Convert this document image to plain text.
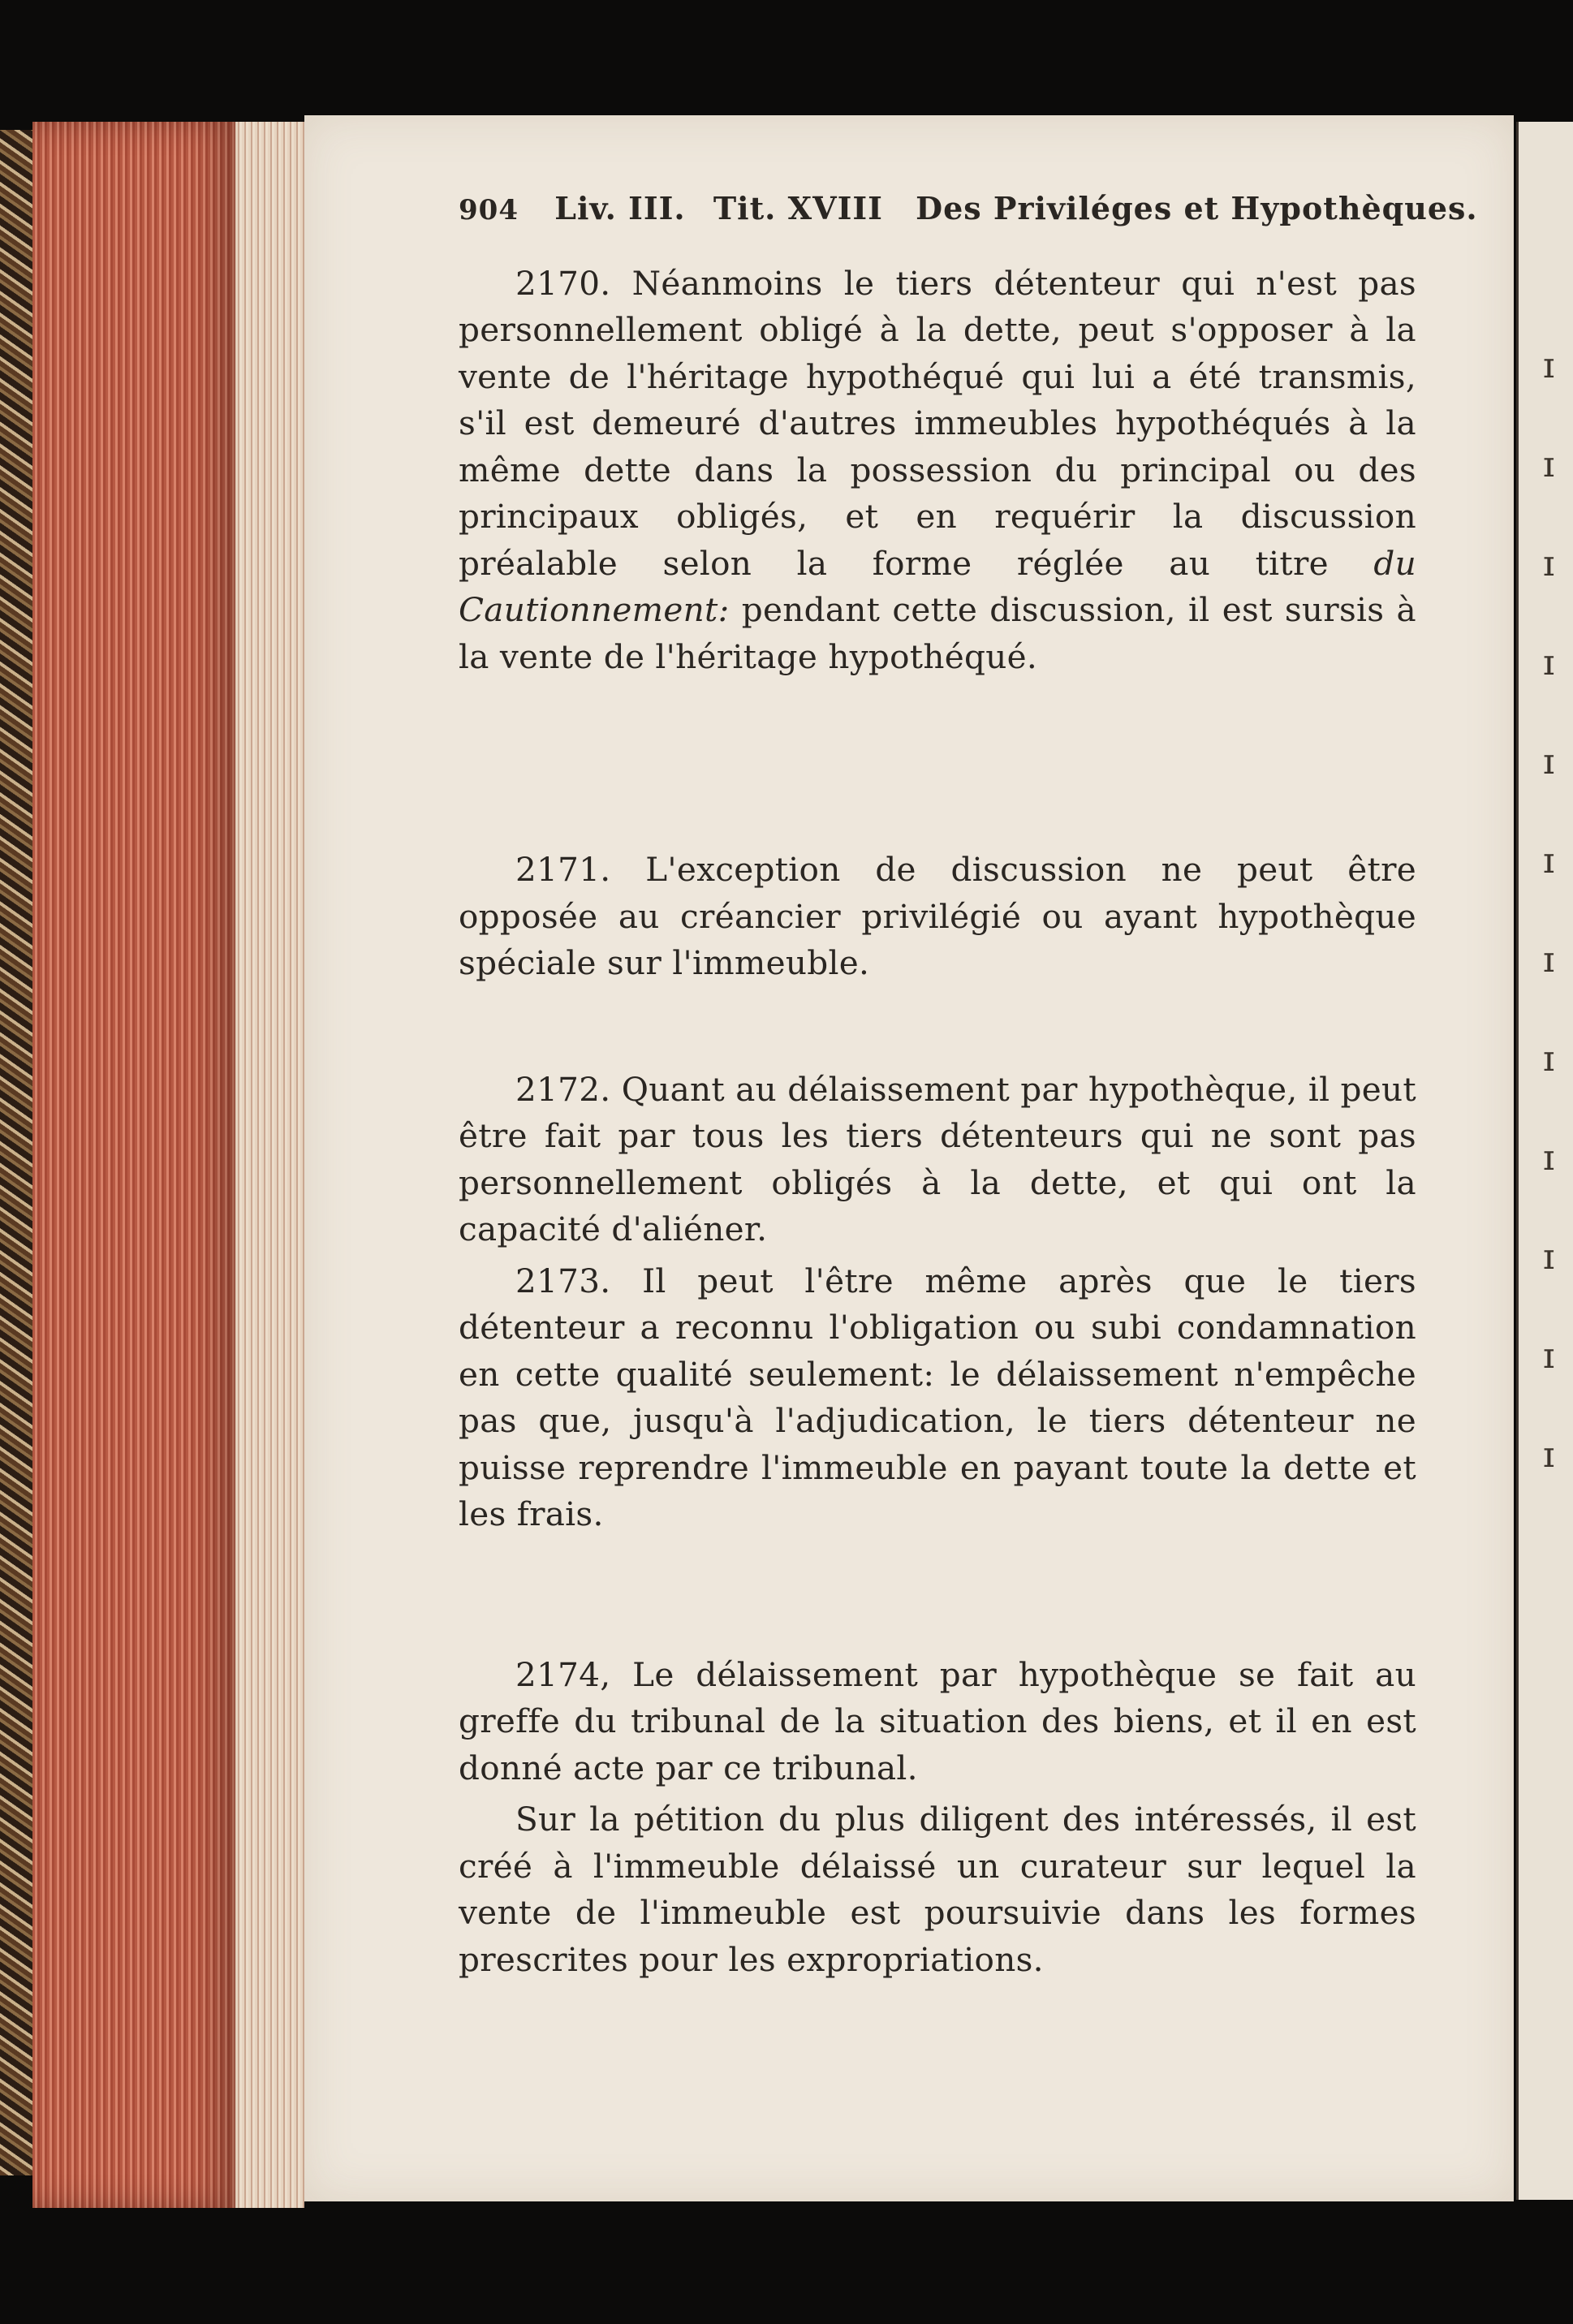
ɪ
ɪ
ɪ
ɪ
ɪ
ɪ
ɪ
ɪ
ɪ
ɪ
ɪ
ɪ
904 Liv. III. Tit. XVIII Des Priviléges et Hypothèques.

2170. Néanmoins le tiers détenteur qui n'est pas personnellement obligé à la dette, peut s'opposer à la vente de l'héritage hypothéqué qui lui a été transmis, s'il est demeuré d'autres immeubles hypothéqués à la même dette dans la possession du principal ou des principaux obligés, et en requérir la discussion préalable selon la forme réglée au titre du Cautionnement: pendant cette discussion, il est sursis à la vente de l'héritage hypothéqué.

2171. L'exception de discussion ne peut être opposée au créancier privilégié ou ayant hypothèque spéciale sur l'immeuble.

2172. Quant au délaissement par hypothèque, il peut être fait par tous les tiers détenteurs qui ne sont pas personnellement obligés à la dette, et qui ont la capacité d'aliéner.

2173. Il peut l'être même après que le tiers détenteur a reconnu l'obligation ou subi condamnation en cette qualité seulement: le délaissement n'empêche pas que, jusqu'à l'adjudication, le tiers détenteur ne puisse reprendre l'immeuble en payant toute la dette et les frais.

2174, Le délaissement par hypothèque se fait au greffe du tribunal de la situation des biens, et il en est donné acte par ce tribunal.

Sur la pétition du plus diligent des intéressés, il est créé à l'immeuble délaissé un curateur sur lequel la vente de l'immeuble est poursuivie dans les formes prescrites pour les expropriations.
